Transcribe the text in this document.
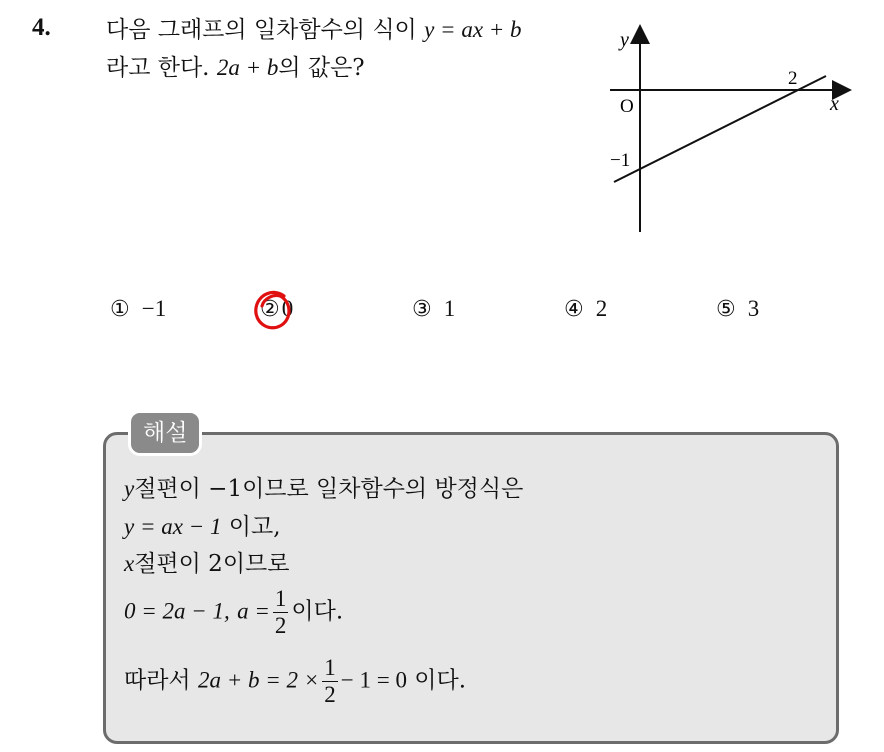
4. 다음 그래프의 일차함수의 식이 y = ax + b
라고 한다. 2a + b의 값은?
y
x
O
2
−1
① −1	②0	③ 1	④ 2	⑤ 3
해설
y절편이 −1이므로 일차함수의 방정식은
y = ax − 1 이고,
x절편이 2이므로
0 = 2a − 1, $a = \frac{1}{2}$ 이다.
따라서 $2a + b = 2 \times \frac{1}{2} - 1 = 0$ 이다.
